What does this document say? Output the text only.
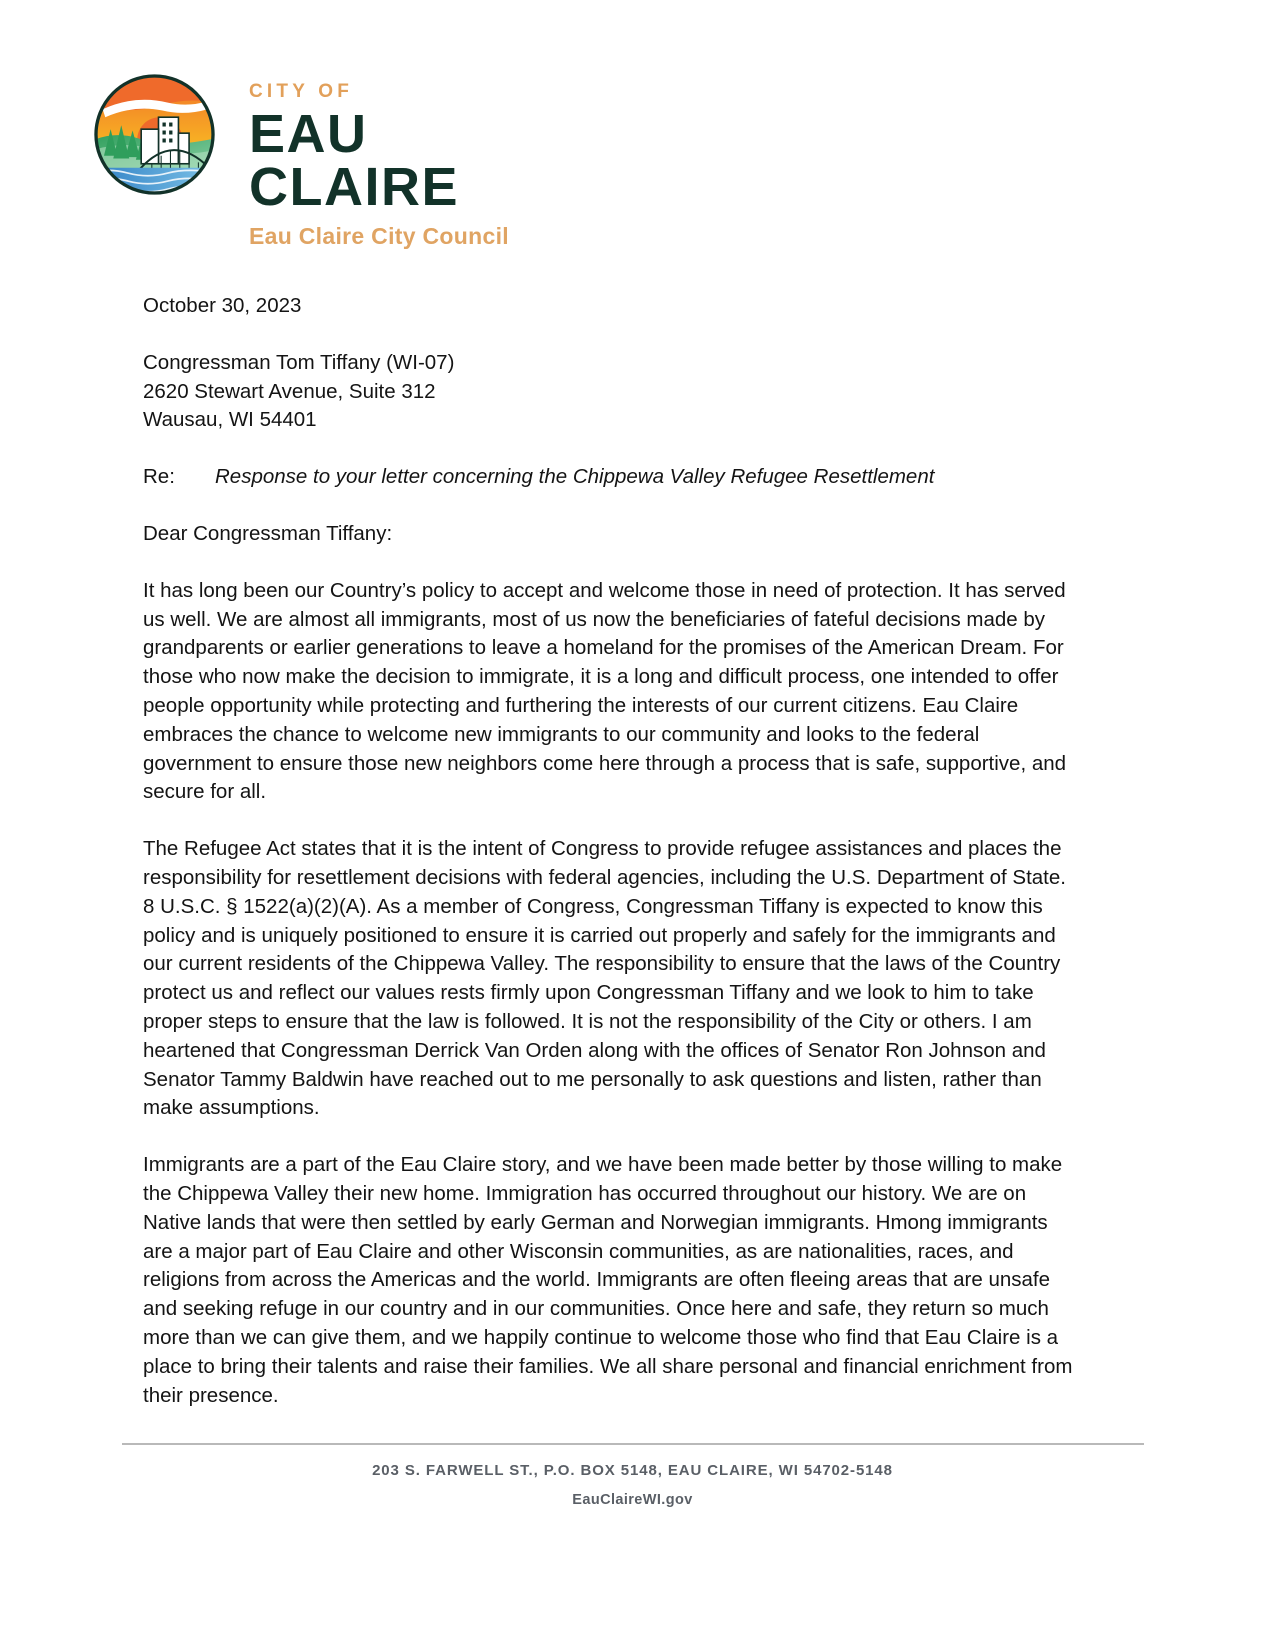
CITY OF
EAU
CLAIRE
Eau Claire City Council
October 30, 2023
Congressman Tom Tiffany (WI-07)
2620 Stewart Avenue, Suite 312
Wausau, WI 54401
Re:	Response to your letter concerning the Chippewa Valley Refugee Resettlement
Dear Congressman Tiffany:

It has long been our Country’s policy to accept and welcome those in need of protection. It has served us well. We are almost all immigrants, most of us now the beneficiaries of fateful decisions made by grandparents or earlier generations to leave a homeland for the promises of the American Dream. For those who now make the decision to immigrate, it is a long and difficult process, one intended to offer people opportunity while protecting and furthering the interests of our current citizens. Eau Claire embraces the chance to welcome new immigrants to our community and looks to the federal government to ensure those new neighbors come here through a process that is safe, supportive, and secure for all.

The Refugee Act states that it is the intent of Congress to provide refugee assistances and places the responsibility for resettlement decisions with federal agencies, including the U.S. Department of State. 8 U.S.C. § 1522(a)(2)(A). As a member of Congress, Congressman Tiffany is expected to know this policy and is uniquely positioned to ensure it is carried out properly and safely for the immigrants and our current residents of the Chippewa Valley. The responsibility to ensure that the laws of the Country protect us and reflect our values rests firmly upon Congressman Tiffany and we look to him to take proper steps to ensure that the law is followed. It is not the responsibility of the City or others. I am heartened that Congressman Derrick Van Orden along with the offices of Senator Ron Johnson and Senator Tammy Baldwin have reached out to me personally to ask questions and listen, rather than make assumptions.

Immigrants are a part of the Eau Claire story, and we have been made better by those willing to make the Chippewa Valley their new home. Immigration has occurred throughout our history. We are on Native lands that were then settled by early German and Norwegian immigrants. Hmong immigrants are a major part of Eau Claire and other Wisconsin communities, as are nationalities, races, and religions from across the Americas and the world. Immigrants are often fleeing areas that are unsafe and seeking refuge in our country and in our communities. Once here and safe, they return so much more than we can give them, and we happily continue to welcome those who find that Eau Claire is a place to bring their talents and raise their families. We all share personal and financial enrichment from their presence.

203 S. FARWELL ST., P.O. BOX 5148, EAU CLAIRE, WI 54702-5148
EauClaireWI.gov
